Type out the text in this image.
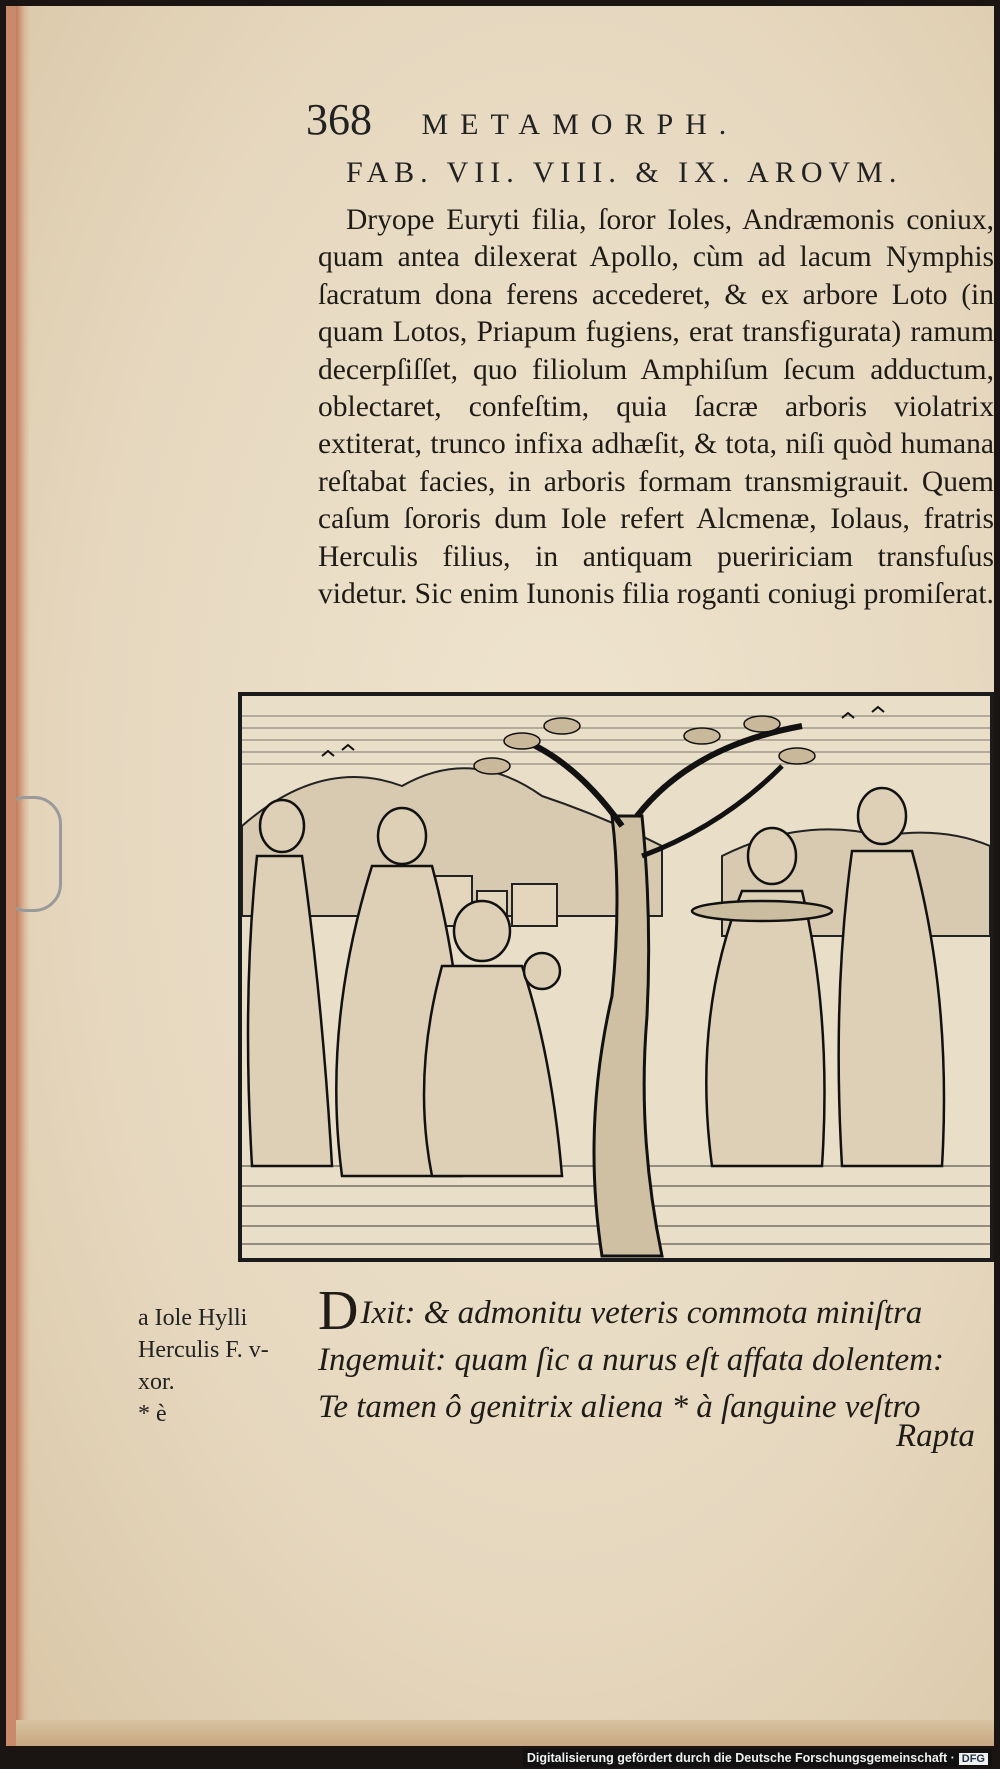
368 METAMORPH.
FAB. VII. VIII. & IX. AROVM.
Dryope Euryti filia, ſoror Ioles, Andræmonis coniux, quam antea dilexerat Apollo, cùm ad lacum Nymphis ſacratum dona ferens accederet, & ex arbore Loto (in quam Lotos, Priapum fugiens, erat transfigurata) ramum decerpſiſſet, quo filiolum Amphiſum ſecum adductum, oblectaret, confeſtim, quia ſacræ arboris violatrix extiterat, trunco infixa adhæſit, & tota, niſi quòd humana reſtabat facies, in arboris formam transmigrauit. Quem caſum ſororis dum Iole refert Alcmenæ, Iolaus, fratris Herculis filius, in antiquam pueririciam transfuſus videtur. Sic enim Iunonis filia roganti coniugi promiſerat.
a Iole Hylli
Herculis F. v-
xor.
* è
DIxit: & admonitu veteris commota miniſtra
Ingemuit: quam ſic a nurus eſt affata dolentem:
Te tamen ô genitrix aliena * à ſanguine veſtro
Rapta
Digitalisierung gefördert durch die Deutsche Forschungsgemeinschaft · DFG
